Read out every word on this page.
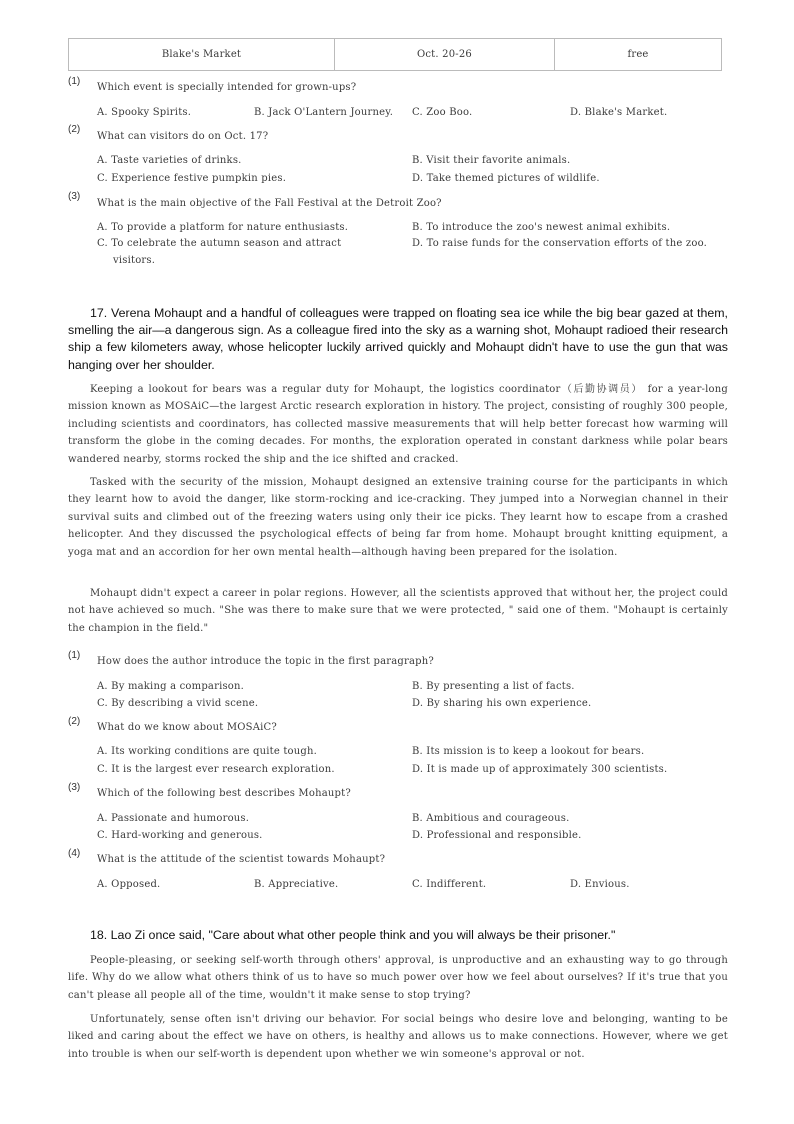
Blake's Market	Oct. 20-26	free
(1)
Which event is specially intended for grown-ups?
A. Spooky Spirits.	B. Jack O'Lantern Journey. C. Zoo Boo.	D. Blake's Market.
(2)
What can visitors do on Oct. 17?
A. Taste varieties of drinks.	B. Visit their favorite animals.
C. Experience festive pumpkin pies.	D. Take themed pictures of wildlife.
(3)
What is the main objective of the Fall Festival at the Detroit Zoo?
A. To provide a platform for nature enthusiasts.	B. To introduce the zoo's newest animal exhibits.
C. To celebrate the autumn season and attract visitors.
D. To raise funds for the conservation efforts of the zoo.
17. Verena Mohaupt and a handful of colleagues were trapped on floating sea ice while the big bear gazed at them, smelling the air—a dangerous sign. As a colleague fired into the sky as a warning shot, Mohaupt radioed their research ship a few kilometers away, whose helicopter luckily arrived quickly and Mohaupt didn't have to use the gun that was hanging over her shoulder.
Keeping a lookout for bears was a regular duty for Mohaupt, the logistics coordinator（后勤协调员） for a year-long mission known as MOSAiC—the largest Arctic research exploration in history. The project, consisting of roughly 300 people, including scientists and coordinators, has collected massive measurements that will help better forecast how warming will transform the globe in the coming decades. For months, the exploration operated in constant darkness while polar bears wandered nearby, storms rocked the ship and the ice shifted and cracked.
Tasked with the security of the mission, Mohaupt designed an extensive training course for the participants in which they learnt how to avoid the danger, like storm-rocking and ice-cracking. They jumped into a Norwegian channel in their survival suits and climbed out of the freezing waters using only their ice picks. They learnt how to escape from a crashed helicopter. And they discussed the psychological effects of being far from home. Mohaupt brought knitting equipment, a yoga mat and an accordion for her own mental health—although having been prepared for the isolation.
Mohaupt didn't expect a career in polar regions. However, all the scientists approved that without her, the project could not have achieved so much. "She was there to make sure that we were protected, " said one of them. "Mohaupt is certainly the champion in the field."
(1)
How does the author introduce the topic in the first paragraph?
A. By making a comparison.	B. By presenting a list of facts.
C. By describing a vivid scene.	D. By sharing his own experience.
(2)
What do we know about MOSAiC?
A. Its working conditions are quite tough.	B. Its mission is to keep a lookout for bears.
C. It is the largest ever research exploration.	D. It is made up of approximately 300 scientists.
(3)
Which of the following best describes Mohaupt?
A. Passionate and humorous.	B. Ambitious and courageous.
C. Hard-working and generous.	D. Professional and responsible.
(4)
What is the attitude of the scientist towards Mohaupt?
A. Opposed.	B. Appreciative.	C. Indifferent.	D. Envious.
18. Lao Zi once said, "Care about what other people think and you will always be their prisoner."
People-pleasing, or seeking self-worth through others' approval, is unproductive and an exhausting way to go through life. Why do we allow what others think of us to have so much power over how we feel about ourselves? If it's true that you can't please all people all of the time, wouldn't it make sense to stop trying?
Unfortunately, sense often isn't driving our behavior. For social beings who desire love and belonging, wanting to be liked and caring about the effect we have on others, is healthy and allows us to make connections. However, where we get into trouble is when our self-worth is dependent upon whether we win someone's approval or not.
